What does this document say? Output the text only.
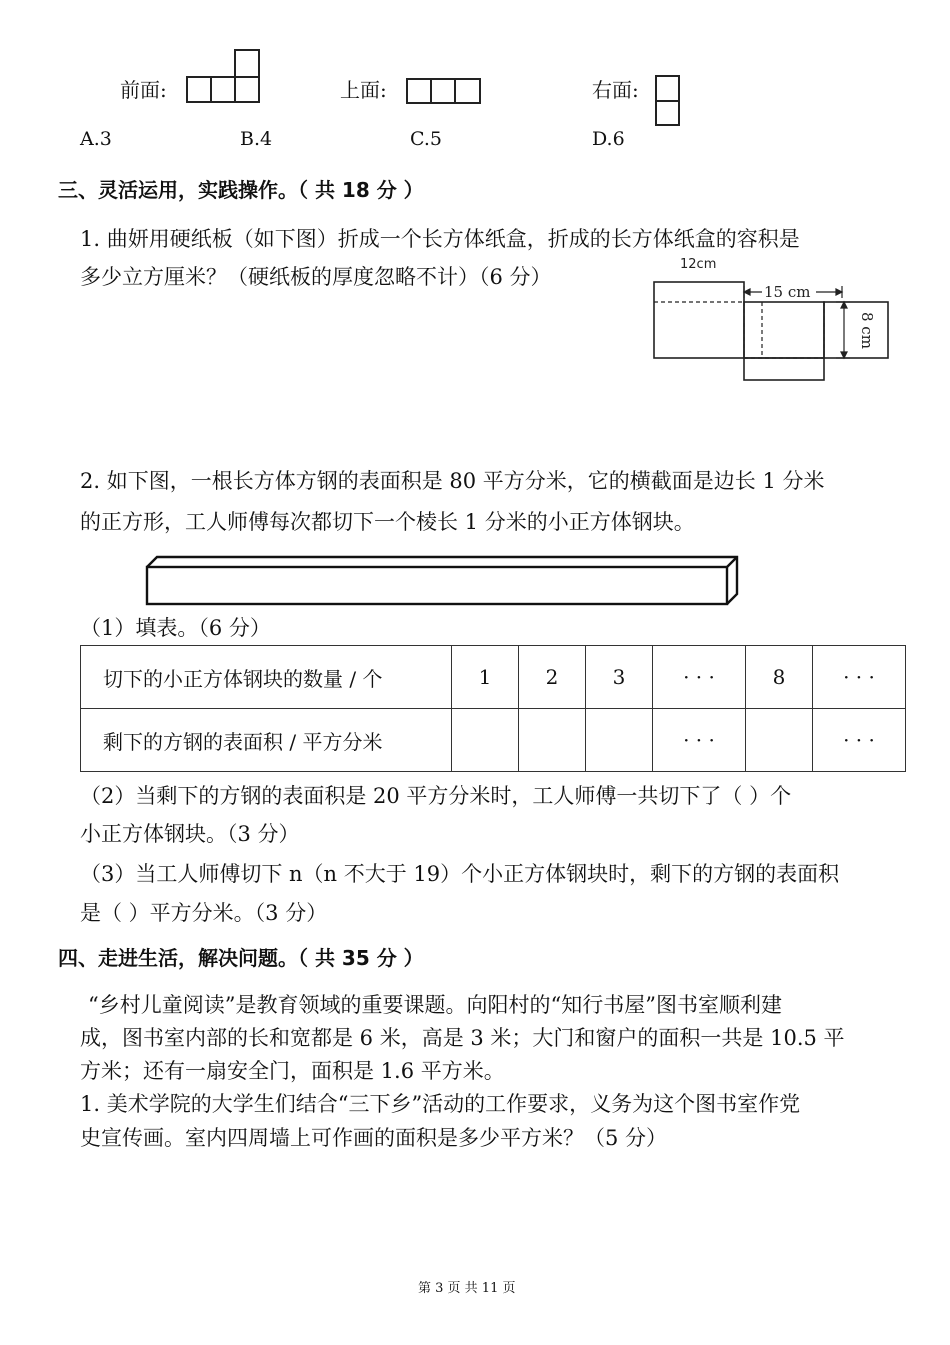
前面:	上面:	右面:
A.3	B.4	C.5	D.6
三、灵活运用，实践操作。（ 共 18 分 ）
1. 曲妍用硬纸板（如下图）折成一个长方体纸盒，折成的长方体纸盒的容积是
多少立方厘米？（硬纸板的厚度忽略不计）（6 分）
12cm
15 cm
8 cm
2. 如下图，一根长方体方钢的表面积是 80 平方分米，它的横截面是边长 1 分米
的正方形，工人师傅每次都切下一个棱长 1 分米的小正方体钢块。
（1）填表。（6 分）
切下的小正方体钢块的数量 / 个	1	2	3	· · ·	8	· · ·
剩下的方钢的表面积 / 平方分米				· · ·		· · ·
（2）当剩下的方钢的表面积是 20 平方分米时，工人师傅一共切下了（ ）个
小正方体钢块。（3 分）
（3）当工人师傅切下 n（n 不大于 19）个小正方体钢块时，剩下的方钢的表面积
是（ ）平方分米。（3 分）
四、走进生活，解决问题。（ 共 35 分 ）
“乡村儿童阅读”是教育领域的重要课题。向阳村的“知行书屋”图书室顺利建
成，图书室内部的长和宽都是 6 米，高是 3 米；大门和窗户的面积一共是 10.5 平
方米；还有一扇安全门，面积是 1.6 平方米。
1. 美术学院的大学生们结合“三下乡”活动的工作要求，义务为这个图书室作党
史宣传画。室内四周墙上可作画的面积是多少平方米？（5 分）
第 3 页 共 11 页
